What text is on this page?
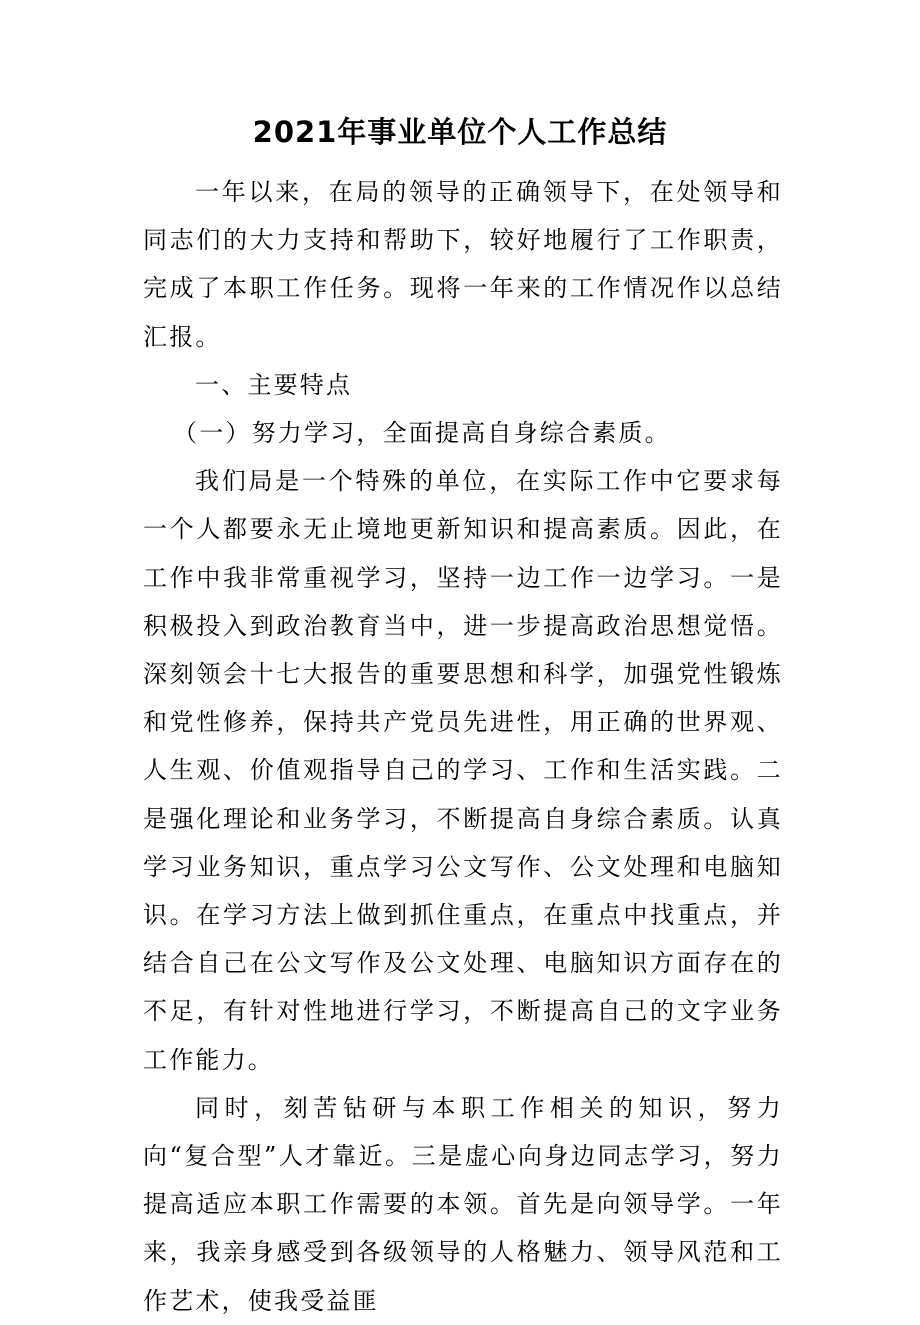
2021年事业单位个人工作总结

一年以来，在局的领导的正确领导下，在处领导和同志们的大力支持和帮助下，较好地履行了工作职责，完成了本职工作任务。现将一年来的工作情况作以总结汇报。

一、主要特点

（一）努力学习，全面提高自身综合素质。

我们局是一个特殊的单位，在实际工作中它要求每一个人都要永无止境地更新知识和提高素质。因此，在工作中我非常重视学习，坚持一边工作一边学习。一是积极投入到政治教育当中，进一步提高政治思想觉悟。深刻领会十七大报告的重要思想和科学，加强党性锻炼和党性修养，保持共产党员先进性，用正确的世界观、人生观、价值观指导自己的学习、工作和生活实践。二是强化理论和业务学习，不断提高自身综合素质。认真学习业务知识，重点学习公文写作、公文处理和电脑知识。在学习方法上做到抓住重点，在重点中找重点，并结合自己在公文写作及公文处理、电脑知识方面存在的不足，有针对性地进行学习，不断提高自己的文字业务工作能力。

同时，刻苦钻研与本职工作相关的知识，努力向“复合型”人才靠近。三是虚心向身边同志学习，努力提高适应本职工作需要的本领。首先是向领导学。一年来，我亲身感受到各级领导的人格魅力、领导风范和工作艺术，使我受益匪
